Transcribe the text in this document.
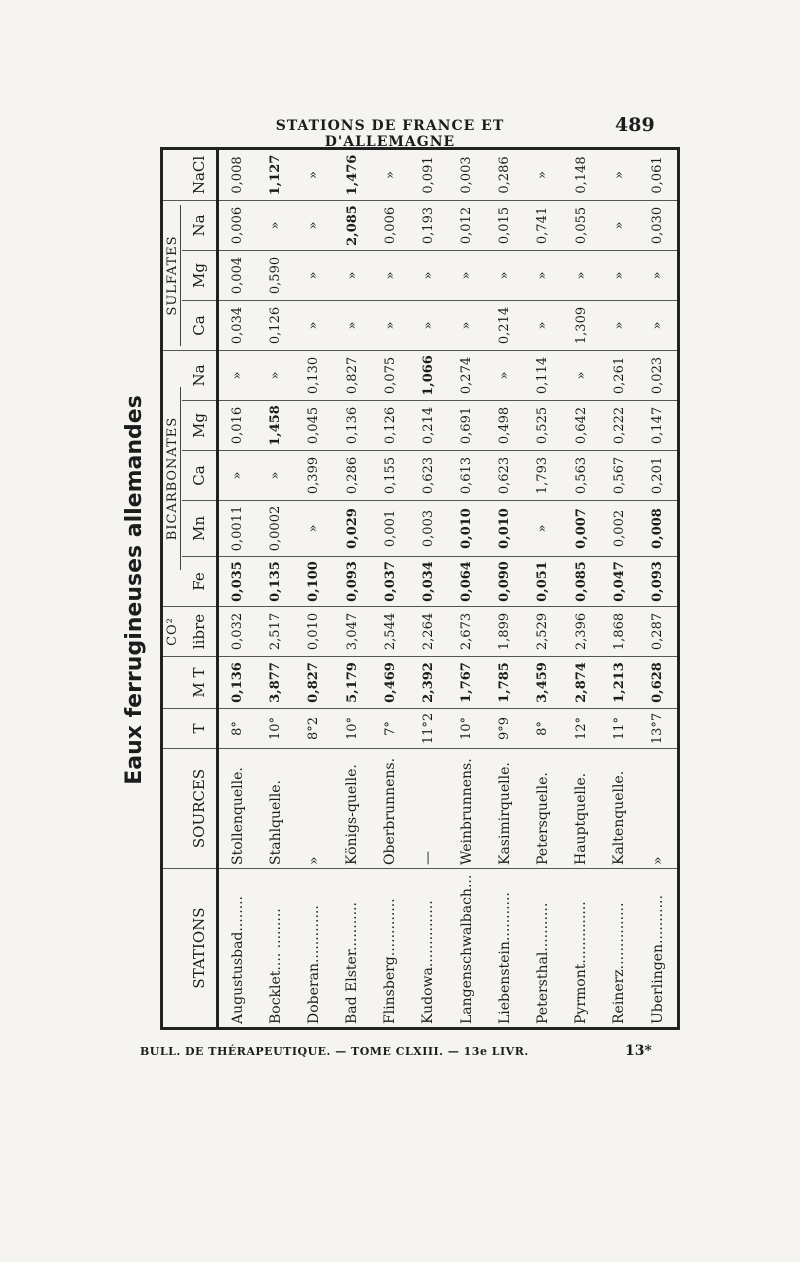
STATIONS DE FRANCE ET D'ALLEMAGNE
489
Eaux ferrugineuses allemandes
				CO²	BICARBONATES					SULFATES			
STATIONS	SOURCES	T	M T	libre	Fe	Mn	Ca	Mg	Na	Ca	Mg	Na	NaCl

Augustusbad........	Stollenquelle.	8°	0,136	0,032	0,035	0,0011	»	0,016	»	0,034	0,004	0,006	0,008
Bocklet.... .........	Stahlquelle.	10°	3,877	2,517	0,135	0,0002	»	1,458	»	0,126	0,590	»	1,127
Doberan.............	»	8°2	0,827	0,010	0,100	»	0,399	0,045	0,130	»	»	»	»
Bad Elster...........	Königs-quelle.	10°	5,179	3,047	0,093	0,029	0,286	0,136	0,827	»	»	2,085	1,476
Flinsberg.............	Oberbrunnens.	7°	0,469	2,544	0,037	0,001	0,155	0,126	0,075	»	»	0,006	»
Kudowa...............	—	11°2	2,392	2,264	0,034	0,003	0,623	0,214	1,066	»	»	0,193	0,091
Langenschwalbach...	Weinbrunnens.	10°	1,767	2,673	0,064	0,010	0,613	0,691	0,274	»	»	0,012	0,003
Liebenstein...........	Kasimirquelle.	9°9	1,785	1,899	0,090	0,010	0,623	0,498	»	0,214	»	0,015	0,286
Petersthal...........	Petersquelle.	8°	3,459	2,529	0,051	»	1,793	0,525	0,114	»	»	0,741	»
Pyrmont..............	Hauptquelle.	12°	2,874	2,396	0,085	0,007	0,563	0,642	»	1,309	»	0,055	0,148
Reinerz...............	Kaltenquelle.	11°	1,213	1,868	0,047	0,002	0,567	0,222	0,261	»	»	»	»
Uberlingen...........	»	13°7	0,628	0,287	0,093	0,008	0,201	0,147	0,023	»	»	0,030	0,061
BULL. DE THÉRAPEUTIQUE. — TOME CLXIII. — 13e LIVR.	13*
